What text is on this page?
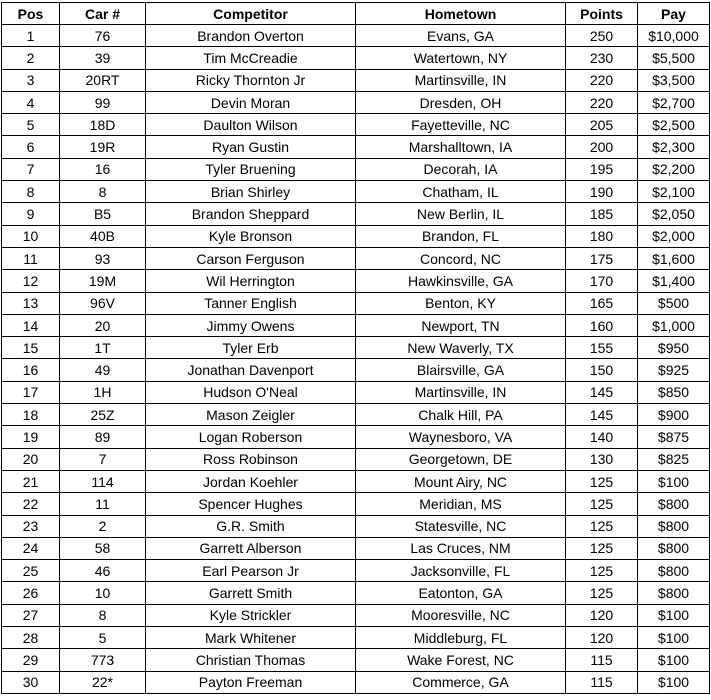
Pos	Car #	Competitor	Hometown	Points	Pay
1	76	Brandon Overton	Evans, GA	250	$10,000
2	39	Tim McCreadie	Watertown, NY	230	$5,500
3	20RT	Ricky Thornton Jr	Martinsville, IN	220	$3,500
4	99	Devin Moran	Dresden, OH	220	$2,700
5	18D	Daulton Wilson	Fayetteville, NC	205	$2,500
6	19R	Ryan Gustin	Marshalltown, IA	200	$2,300
7	16	Tyler Bruening	Decorah, IA	195	$2,200
8	8	Brian Shirley	Chatham, IL	190	$2,100
9	B5	Brandon Sheppard	New Berlin, IL	185	$2,050
10	40B	Kyle Bronson	Brandon, FL	180	$2,000
11	93	Carson Ferguson	Concord, NC	175	$1,600
12	19M	Wil Herrington	Hawkinsville, GA	170	$1,400
13	96V	Tanner English	Benton, KY	165	$500
14	20	Jimmy Owens	Newport, TN	160	$1,000
15	1T	Tyler Erb	New Waverly, TX	155	$950
16	49	Jonathan Davenport	Blairsville, GA	150	$925
17	1H	Hudson O'Neal	Martinsville, IN	145	$850
18	25Z	Mason Zeigler	Chalk Hill, PA	145	$900
19	89	Logan Roberson	Waynesboro, VA	140	$875
20	7	Ross Robinson	Georgetown, DE	130	$825
21	114	Jordan Koehler	Mount Airy, NC	125	$100
22	11	Spencer Hughes	Meridian, MS	125	$800
23	2	G.R. Smith	Statesville, NC	125	$800
24	58	Garrett Alberson	Las Cruces, NM	125	$800
25	46	Earl Pearson Jr	Jacksonville, FL	125	$800
26	10	Garrett Smith	Eatonton, GA	125	$800
27	8	Kyle Strickler	Mooresville, NC	120	$100
28	5	Mark Whitener	Middleburg, FL	120	$100
29	773	Christian Thomas	Wake Forest, NC	115	$100
30	22*	Payton Freeman	Commerce, GA	115	$100
